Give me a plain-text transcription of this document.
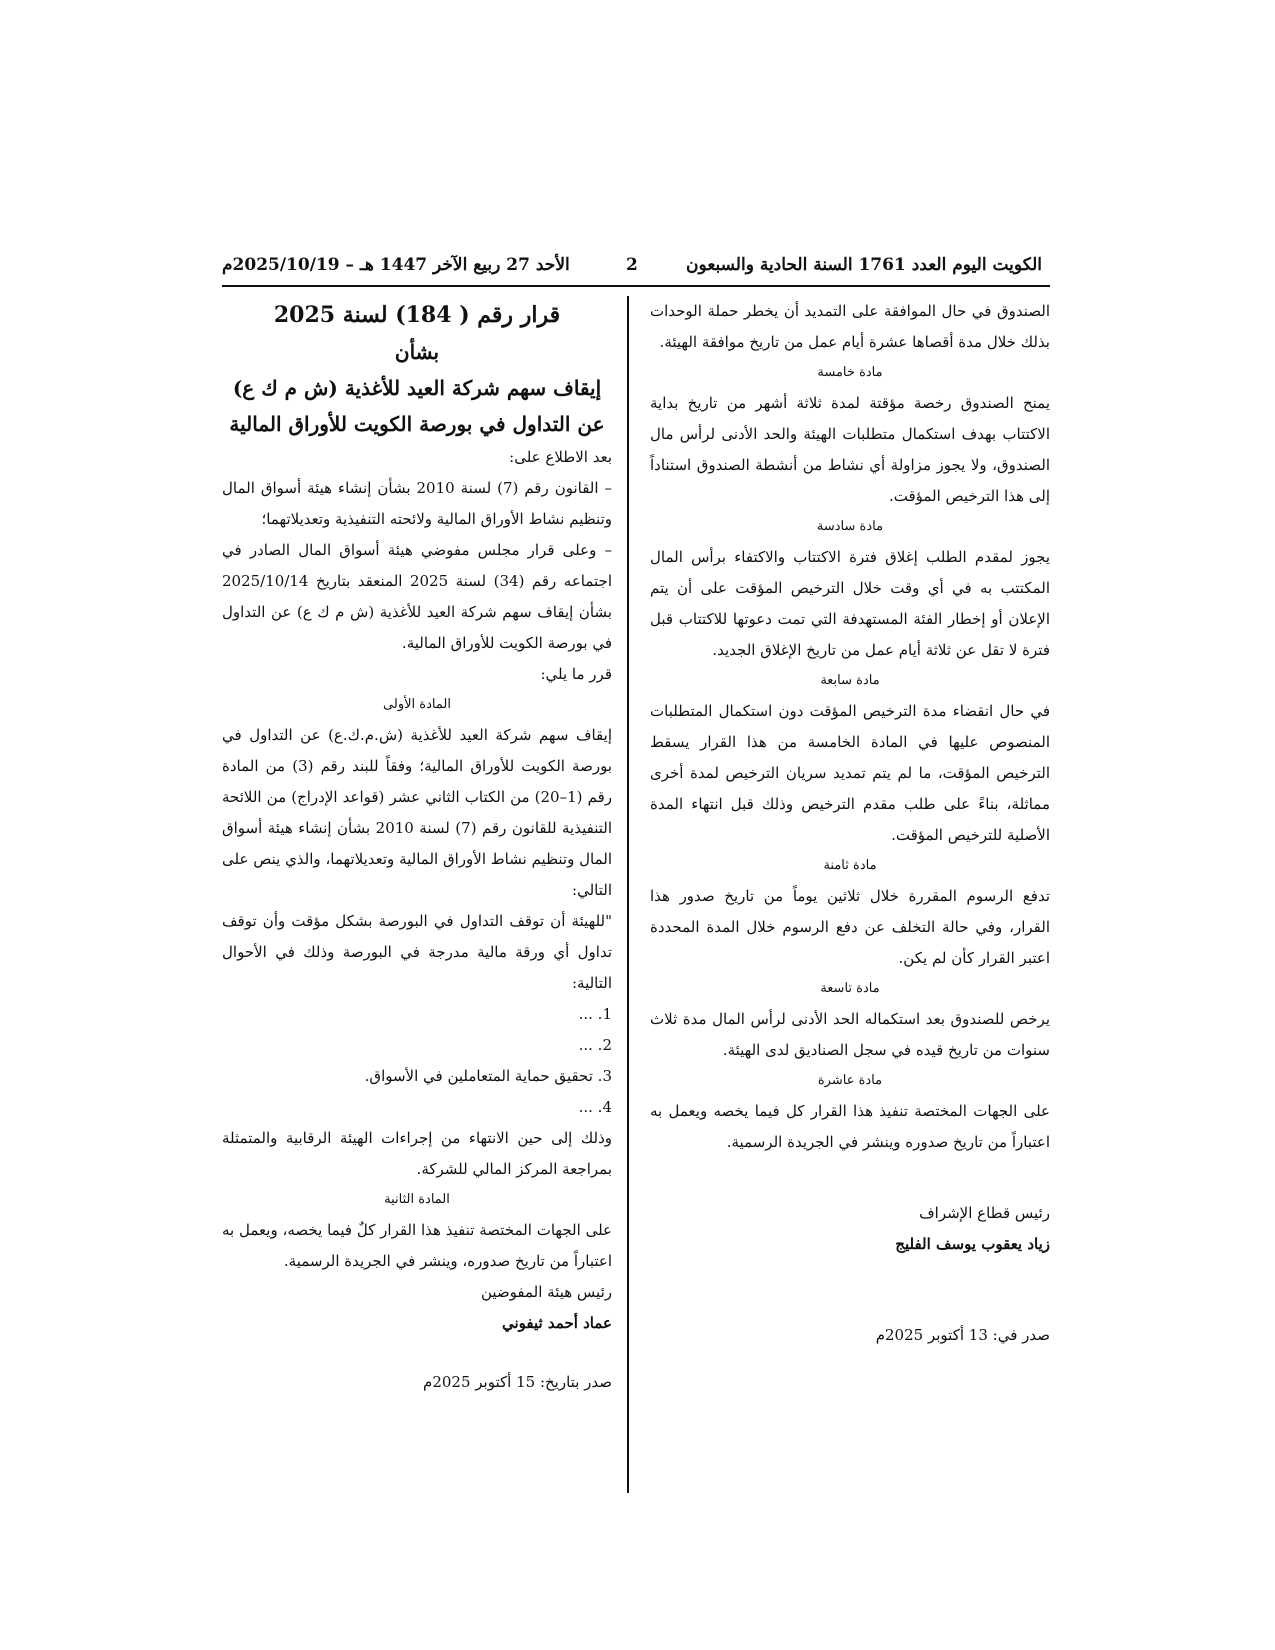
الأحد 27 ربيع الآخر 1447 هـ – 2025/10/19م	2	الكويت اليوم العدد 1761 السنة الحادية والسبعون

الصندوق في حال الموافقة على التمديد أن يخطر حملة الوحدات بذلك خلال مدة أقصاها عشرة أيام عمل من تاريخ موافقة الهيئة.

مادة خامسة

يمنح الصندوق رخصة مؤقتة لمدة ثلاثة أشهر من تاريخ بداية الاكتتاب بهدف استكمال متطلبات الهيئة والحد الأدنى لرأس مال الصندوق، ولا يجوز مزاولة أي نشاط من أنشطة الصندوق استناداً إلى هذا الترخيص المؤقت.

مادة سادسة

يجوز لمقدم الطلب إغلاق فترة الاكتتاب والاكتفاء برأس المال المكتتب به في أي وقت خلال الترخيص المؤقت على أن يتم الإعلان أو إخطار الفئة المستهدفة التي تمت دعوتها للاكتتاب قبل فترة لا تقل عن ثلاثة أيام عمل من تاريخ الإغلاق الجديد.

مادة سابعة

في حال انقضاء مدة الترخيص المؤقت دون استكمال المتطلبات المنصوص عليها في المادة الخامسة من هذا القرار يسقط الترخيص المؤقت، ما لم يتم تمديد سريان الترخيص لمدة أخرى مماثلة، بناءً على طلب مقدم الترخيص وذلك قبل انتهاء المدة الأصلية للترخيص المؤقت.

مادة ثامنة

تدفع الرسوم المقررة خلال ثلاثين يوماً من تاريخ صدور هذا القرار، وفي حالة التخلف عن دفع الرسوم خلال المدة المحددة اعتبر القرار كأن لم يكن.

مادة تاسعة

يرخص للصندوق بعد استكماله الحد الأدنى لرأس المال مدة ثلاث سنوات من تاريخ قيده في سجل الصناديق لدى الهيئة.

مادة عاشرة

على الجهات المختصة تنفيذ هذا القرار كل فيما يخصه ويعمل به اعتباراً من تاريخ صدوره وينشر في الجريدة الرسمية.

رئيس قطاع الإشراف

زياد يعقوب يوسف الفليج

صدر في: 13 أكتوبر 2025م

قرار رقم ( 184) لسنة 2025

بشأن

إيقاف سهم شركة العيد للأغذية (ش م ك ع)

عن التداول في بورصة الكويت للأوراق المالية

بعد الاطلاع على:

– القانون رقم (7) لسنة 2010 بشأن إنشاء هيئة أسواق المال وتنظيم نشاط الأوراق المالية ولائحته التنفيذية وتعديلاتهما؛

– وعلى قرار مجلس مفوضي هيئة أسواق المال الصادر في اجتماعه رقم (34) لسنة 2025 المنعقد بتاريخ 2025/10/14 بشأن إيقاف سهم شركة العيد للأغذية (ش م ك ع) عن التداول في بورصة الكويت للأوراق المالية.

قرر ما يلي:

المادة الأولى

إيقاف سهم شركة العيد للأغذية (ش.م.ك.ع) عن التداول في بورصة الكويت للأوراق المالية؛ وفقاً للبند رقم (3) من المادة رقم (1–20) من الكتاب الثاني عشر (قواعد الإدراج) من اللائحة التنفيذية للقانون رقم (7) لسنة 2010 بشأن إنشاء هيئة أسواق المال وتنظيم نشاط الأوراق المالية وتعديلاتهما، والذي ينص على التالي:

"للهيئة أن توقف التداول في البورصة بشكل مؤقت وأن توقف تداول أي ورقة مالية مدرجة في البورصة وذلك في الأحوال التالية:

1. ...

2. ...

3. تحقيق حماية المتعاملين في الأسواق.

4. ...

وذلك إلى حين الانتهاء من إجراءات الهيئة الرقابية والمتمثلة بمراجعة المركز المالي للشركة.

المادة الثانية

على الجهات المختصة تنفيذ هذا القرار كلٌ فيما يخصه، ويعمل به اعتباراً من تاريخ صدوره، وينشر في الجريدة الرسمية.

رئيس هيئة المفوضين

عماد أحمد ثيفوني

صدر بتاريخ: 15 أكتوبر 2025م
